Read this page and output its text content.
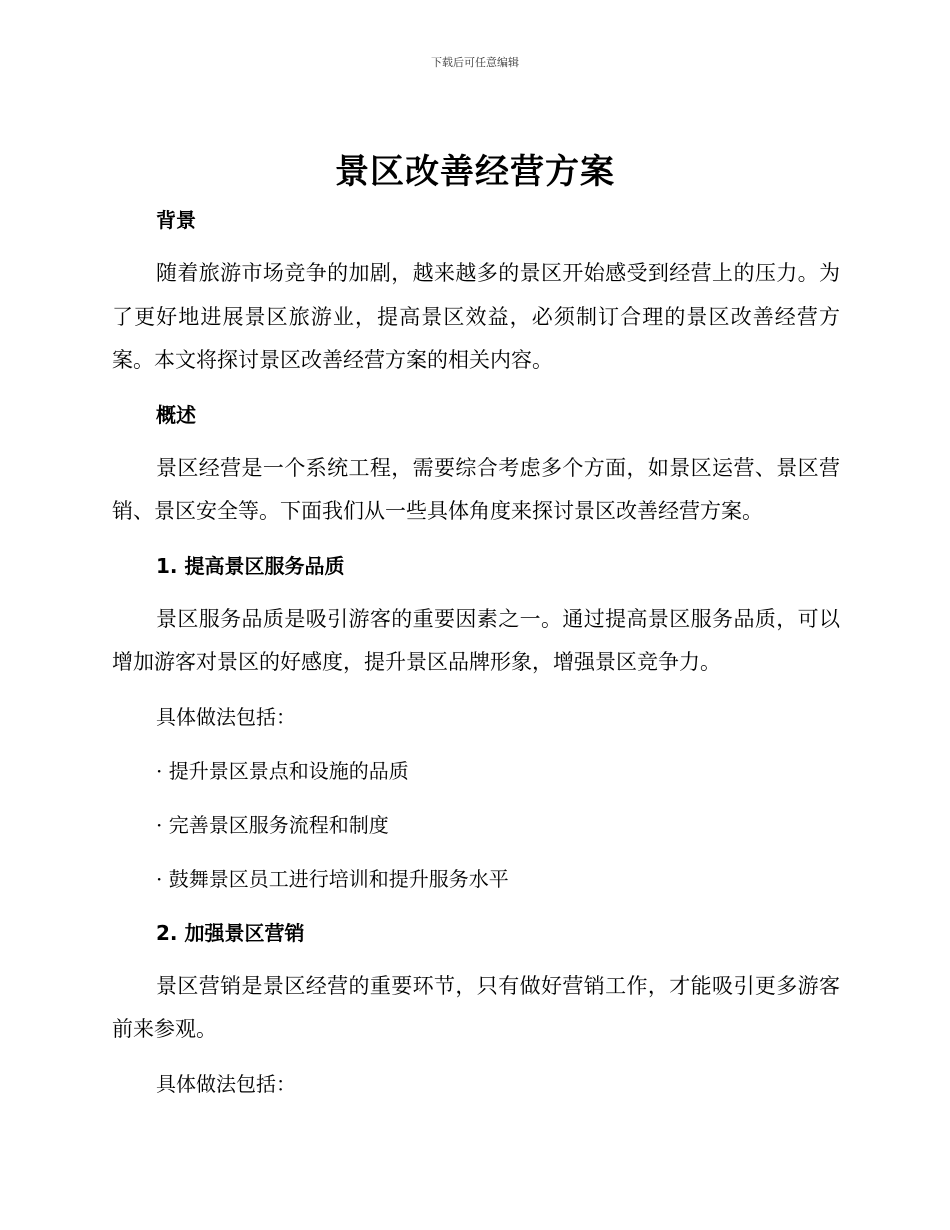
下载后可任意编辑
景区改善经营方案

背景

随着旅游市场竞争的加剧，越来越多的景区开始感受到经营上的压力。为了更好地进展景区旅游业，提高景区效益，必须制订合理的景区改善经营方案。本文将探讨景区改善经营方案的相关内容。

概述

景区经营是一个系统工程，需要综合考虑多个方面，如景区运营、景区营销、景区安全等。下面我们从一些具体角度来探讨景区改善经营方案。

1. 提高景区服务品质

景区服务品质是吸引游客的重要因素之一。通过提高景区服务品质，可以增加游客对景区的好感度，提升景区品牌形象，增强景区竞争力。

具体做法包括：

· 提升景区景点和设施的品质

· 完善景区服务流程和制度

· 鼓舞景区员工进行培训和提升服务水平

2. 加强景区营销

景区营销是景区经营的重要环节，只有做好营销工作，才能吸引更多游客前来参观。

具体做法包括：
